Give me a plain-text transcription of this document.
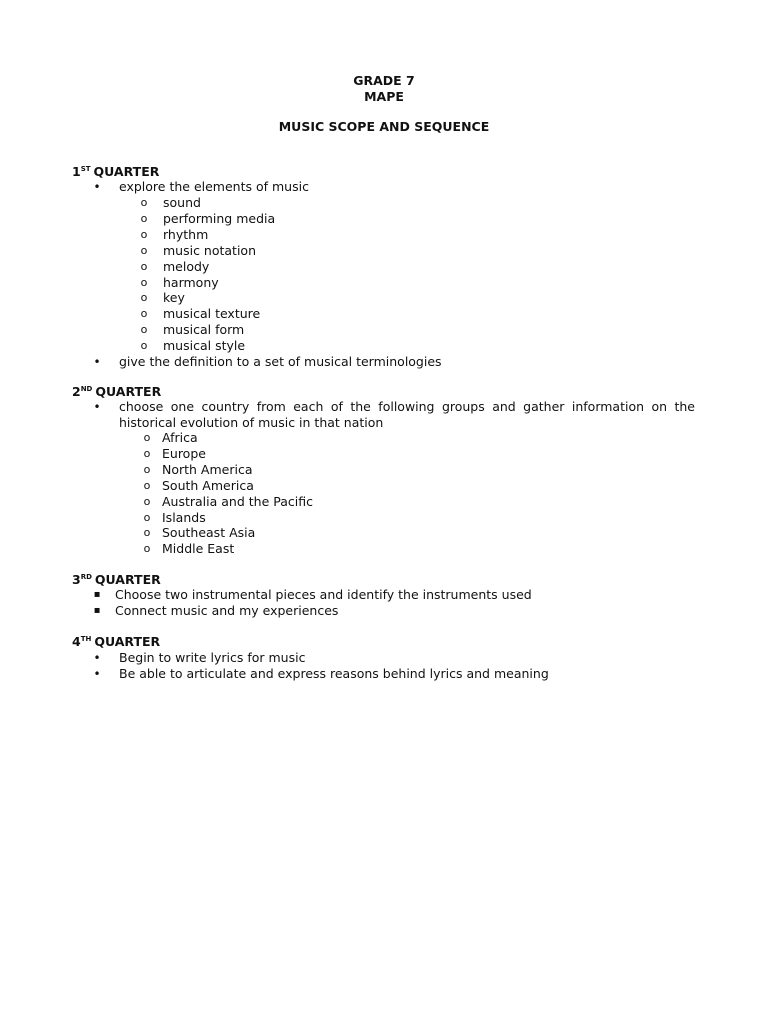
GRADE 7
MAPE
MUSIC SCOPE AND SEQUENCE
1ST QUARTER
• explore the elements of music
o sound
o performing media
o rhythm
o music notation
o melody
o harmony
o key
o musical texture
o musical form
o musical style
• give the definition to a set of musical terminologies
2ND QUARTER
• choose one country from each of the following groups and gather information on the historical evolution of music in that nation
o Africa
o Europe
o North America
o South America
o Australia and the Pacific
o Islands
o Southeast Asia
o Middle East
3RD QUARTER
▪ Choose two instrumental pieces and identify the instruments used
▪ Connect music and my experiences
4TH QUARTER
• Begin to write lyrics for music
• Be able to articulate and express reasons behind lyrics and meaning
